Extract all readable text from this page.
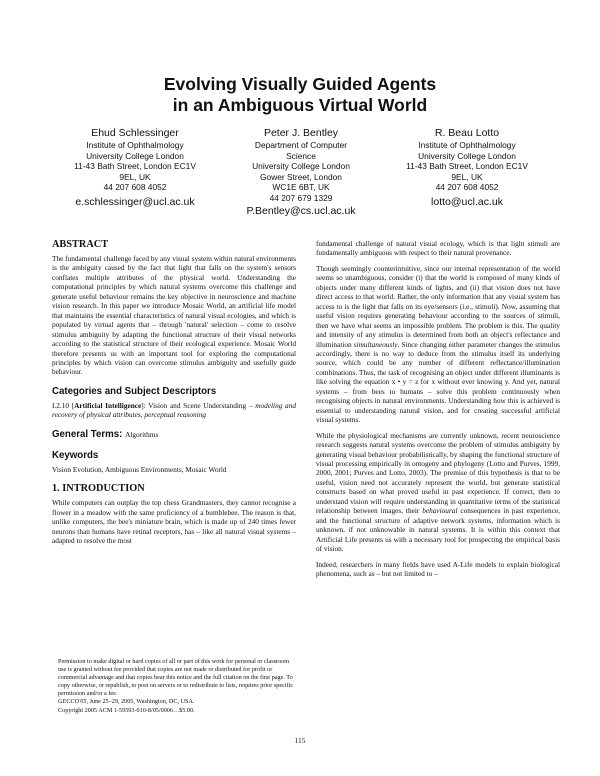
Evolving Visually Guided Agents
in an Ambiguous Virtual World
Ehud Schlessinger
Institute of Ophthalmology
University College London
11-43 Bath Street, London EC1V
9EL, UK
44 207 608 4052
e.schlessinger@ucl.ac.uk
Peter J. Bentley
Department of Computer
Science
University College London
Gower Street, London
WC1E 6BT, UK
44 207 679 1329
P.Bentley@cs.ucl.ac.uk
R. Beau Lotto
Institute of Ophthalmology
University College London
11-43 Bath Street, London EC1V
9EL, UK
44 207 608 4052
lotto@ucl.ac.uk
ABSTRACT

The fundamental challenge faced by any visual system within natural environments is the ambiguity caused by the fact that light that falls on the system's sensors conflates multiple attributes of the physical world. Understanding the computational principles by which natural systems overcome this challenge and generate useful behaviour remains the key objective in neuroscience and machine vision research. In this paper we introduce Mosaic World, an artificial life model that maintains the essential characteristics of natural visual ecologies, and which is populated by virtual agents that – through 'natural' selection – come to resolve stimulus ambiguity by adapting the functional structure of their visual networks according to the statistical structure of their ecological experience. Mosaic World therefore presents us with an important tool for exploring the computational principles by which vision can overcome stimulus ambiguity and usefully guide behaviour.

Categories and Subject Descriptors

I.2.10 [Artificial Intelligence]: Vision and Scene Understanding – modeling and recovery of physical attributes, perceptual reasoning

General Terms: Algorithms
Keywords

Vision Evolution, Ambiguous Environments, Mosaic World

1. INTRODUCTION

While computers can outplay the top chess Grandmasters, they cannot recognise a flower in a meadow with the same proficiency of a bumblebee. The reason is that, unlike computers, the bee's miniature brain, which is made up of 240 times fewer neurons than humans have retinal receptors, has – like all natural visual systems – adapted to resolve the most

Permission to make digital or hard copies of all or part of this work for personal or classroom use is granted without fee provided that copies are not made or distributed for profit or commercial advantage and that copies bear this notice and the full citation on the first page. To copy otherwise, or republish, to post on servers or to redistribute to lists, requires prior specific permission and/or a fee.
GECCO'05, June 25–29, 2005, Washington, DC, USA.
Copyright 2005 ACM 1-59593-010-8/05/0006…$5.00.

fundamental challenge of natural visual ecology, which is that light stimuli are fundamentally ambiguous with respect to their natural provenance.

Though seemingly counterintuitive, since our internal representation of the world seems so unambiguous, consider (i) that the world is composed of many kinds of objects under many different kinds of lights, and (ii) that vision does not have direct access to that world. Rather, the only information that any visual system has access to is the light that falls on its eye/sensors (i.e., stimuli). Now, assuming that useful vision requires generating behaviour according to the sources of stimuli, then we have what seems an impossible problem. The problem is this. The quality and intensity of any stimulus is determined from both an object's reflectance and illumination simultaneously. Since changing either parameter changes the stimulus accordingly, there is no way to deduce from the stimulus itself its underlying source, which could be any number of different reflectance/illumination combinations. Thus, the task of recognising an object under different illuminants is like solving the equation x • y = z for x without ever knowing y. And yet, natural systems – from bees to humans – solve this problem continuously when recognising objects in natural environments. Understanding how this is achieved is essential to understanding natural vision, and for creating successful artificial visual systems.

While the physiological mechanisms are currently unknown, recent neuroscience research suggests natural systems overcome the problem of stimulus ambiguity by generating visual behaviour probabilistically, by shaping the functional structure of visual processing empirically in ontogeny and phylogeny (Lotto and Purves, 1999, 2000, 2001; Purves and Lotto, 2003). The premise of this hypothesis is that to be useful, vision need not accurately represent the world, but generate statistical constructs based on what proved useful in past experience. If correct, then to understand vision will require understanding in quantitative terms of the statistical relationship between images, their behavioural consequences in past experience, and the functional structure of adaptive network systems, information which is unknown, if not unknowable in natural systems. It is within this context that Artificial Life presents us with a necessary tool for prospecting the empirical basis of vision.

Indeed, researchers in many fields have used A-Life models to explain biological phenomena, such as – but not limited to –

115
